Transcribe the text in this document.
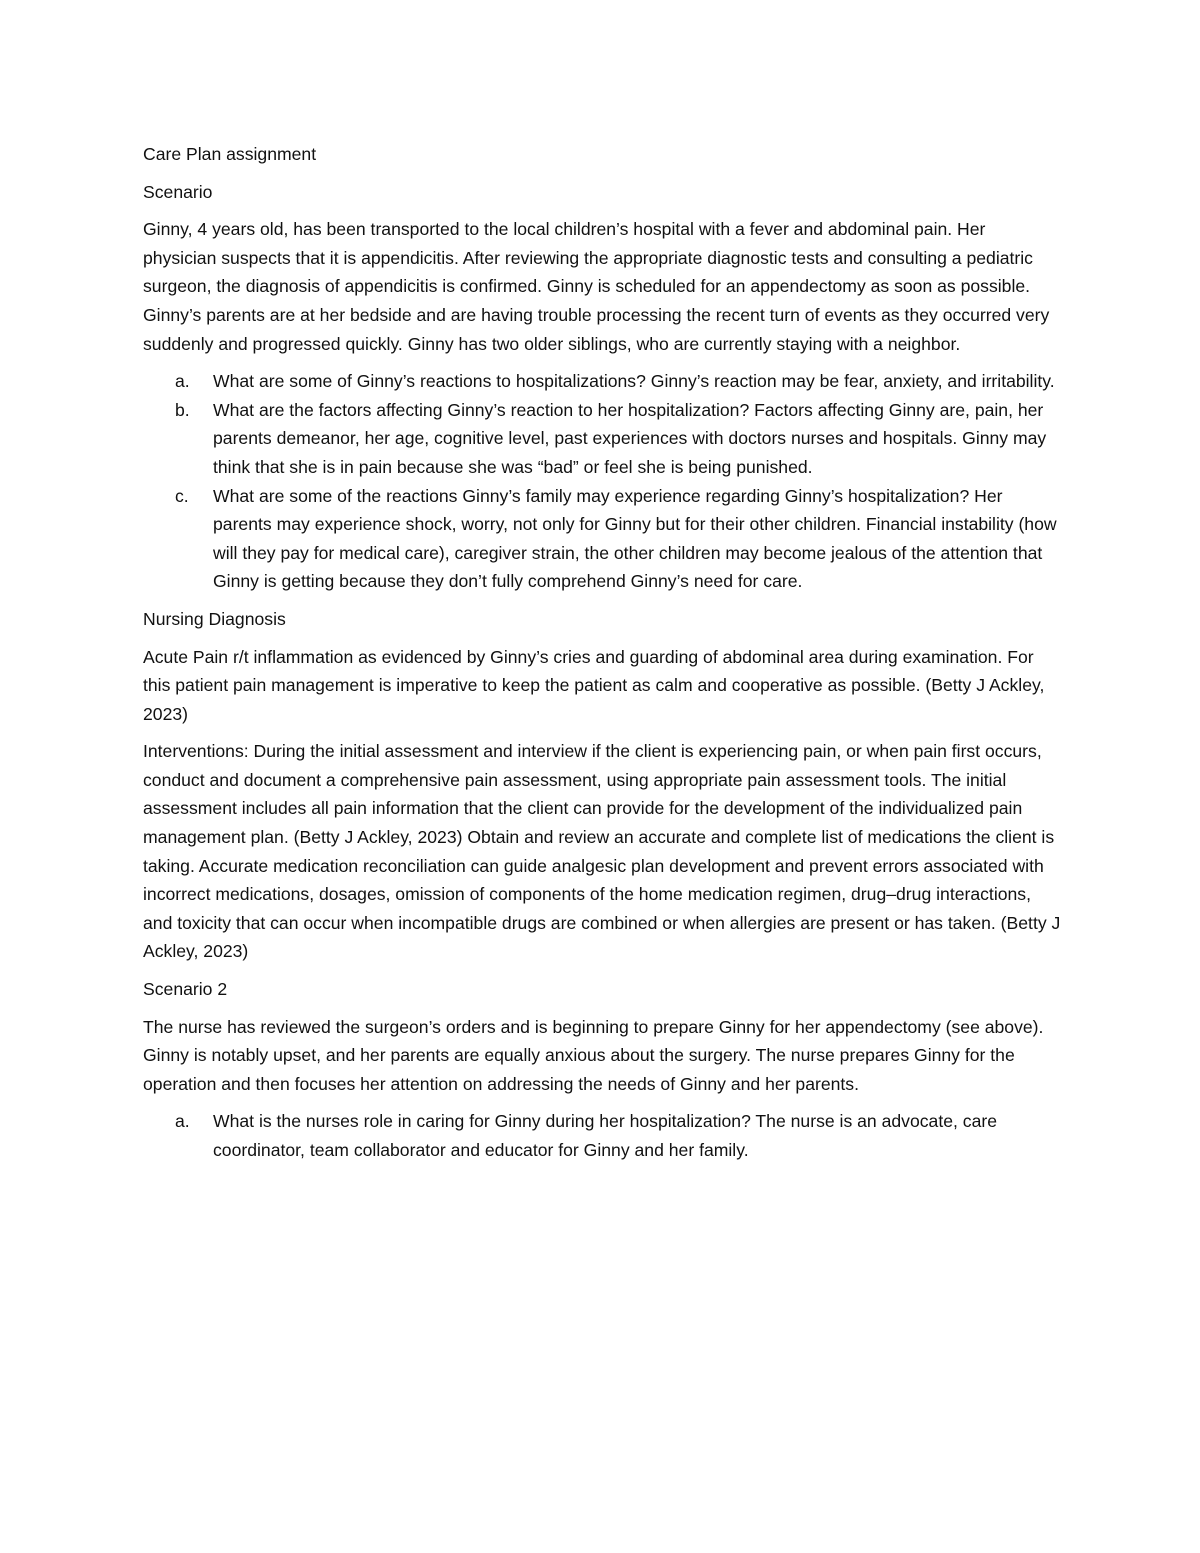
Care Plan assignment

Scenario

Ginny, 4 years old, has been transported to the local children’s hospital with a fever and abdominal pain. Her physician suspects that it is appendicitis. After reviewing the appropriate diagnostic tests and consulting a pediatric surgeon, the diagnosis of appendicitis is confirmed. Ginny is scheduled for an appendectomy as soon as possible. Ginny’s parents are at her bedside and are having trouble processing the recent turn of events as they occurred very suddenly and progressed quickly. Ginny has two older siblings, who are currently staying with a neighbor.

a. What are some of Ginny’s reactions to hospitalizations? Ginny’s reaction may be fear, anxiety, and irritability.
b. What are the factors affecting Ginny’s reaction to her hospitalization? Factors affecting Ginny are, pain, her parents demeanor, her age, cognitive level, past experiences with doctors nurses and hospitals. Ginny may think that she is in pain because she was “bad” or feel she is being punished.
c. What are some of the reactions Ginny’s family may experience regarding Ginny’s hospitalization? Her parents may experience shock, worry, not only for Ginny but for their other children. Financial instability (how will they pay for medical care), caregiver strain, the other children may become jealous of the attention that Ginny is getting because they don’t fully comprehend Ginny’s need for care.

Nursing Diagnosis

Acute Pain r/t inflammation as evidenced by Ginny’s cries and guarding of abdominal area during examination. For this patient pain management is imperative to keep the patient as calm and cooperative as possible. (Betty J Ackley, 2023)

Interventions: During the initial assessment and interview if the client is experiencing pain, or when pain first occurs, conduct and document a comprehensive pain assessment, using appropriate pain assessment tools. The initial assessment includes all pain information that the client can provide for the development of the individualized pain management plan. (Betty J Ackley, 2023) Obtain and review an accurate and complete list of medications the client is taking. Accurate medication reconciliation can guide analgesic plan development and prevent errors associated with incorrect medications, dosages, omission of components of the home medication regimen, drug–drug interactions, and toxicity that can occur when incompatible drugs are combined or when allergies are present or has taken. (Betty J Ackley, 2023)

Scenario 2

The nurse has reviewed the surgeon’s orders and is beginning to prepare Ginny for her appendectomy (see above). Ginny is notably upset, and her parents are equally anxious about the surgery. The nurse prepares Ginny for the operation and then focuses her attention on addressing the needs of Ginny and her parents.

a. What is the nurses role in caring for Ginny during her hospitalization? The nurse is an advocate, care coordinator, team collaborator and educator for Ginny and her family.
